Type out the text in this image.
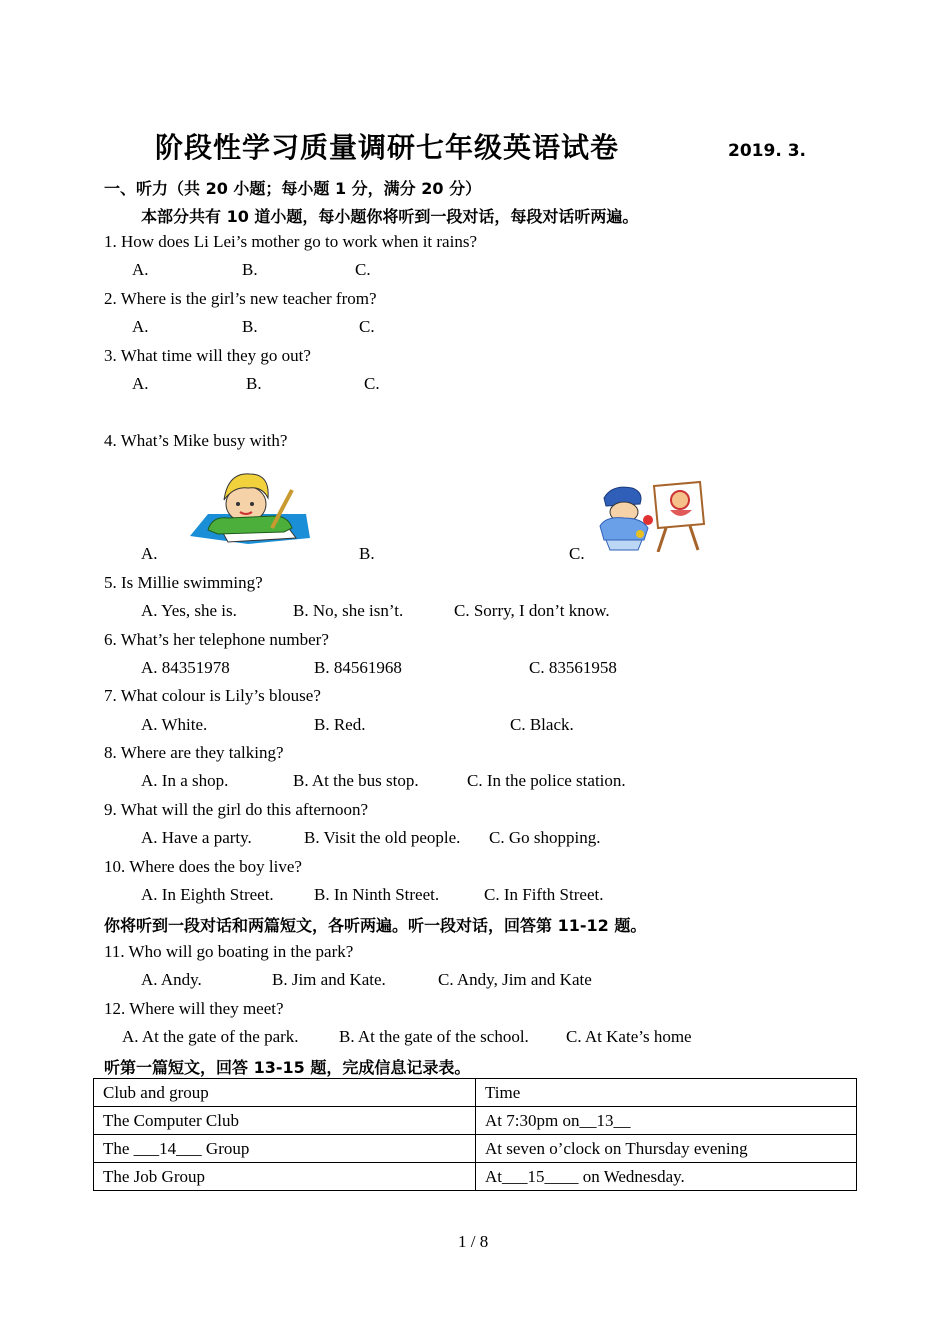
阶段性学习质量调研七年级英语试卷	2019. 3.
一、听力（共 20 小题；每小题 1 分，满分 20 分）
本部分共有 10 道小题，每小题你将听到一段对话，每段对话听两遍。
1. How does Li Lei’s mother go to work when it rains?
A.	B.	C.
2. Where is the girl’s new teacher from?
A.	B.	C.
3. What time will they go out?
A.	B.	C.
4. What’s Mike busy with?
A.	B.	C.
5. Is Millie swimming?
A. Yes, she is.	B. No, she isn’t.	C. Sorry, I don’t know.
6. What’s her telephone number?
A. 84351978	B. 84561968	C. 83561958
7. What colour is Lily’s blouse?
A. White.	B. Red.	C. Black.
8. Where are they talking?
A. In a shop.	B. At the bus stop.	C. In the police station.
9. What will the girl do this afternoon?
A. Have a party.	B. Visit the old people. C. Go shopping.
10. Where does the boy live?
A. In Eighth Street. B. In Ninth Street.	C. In Fifth Street.
你将听到一段对话和两篇短文，各听两遍。听一段对话，回答第 11-12 题。
11. Who will go boating in the park?
A. Andy.	B. Jim and Kate.	C. Andy, Jim and Kate
12. Where will they meet?
A. At the gate of the park. B. At the gate of the school. C. At Kate’s home
听第一篇短文，回答 13-15 题，完成信息记录表。
Club and group	Time
The Computer Club	At 7:30pm on__13__
The ___14___ Group	At seven o’clock on Thursday evening
The Job Group	At___15____ on Wednesday.
1 / 8
